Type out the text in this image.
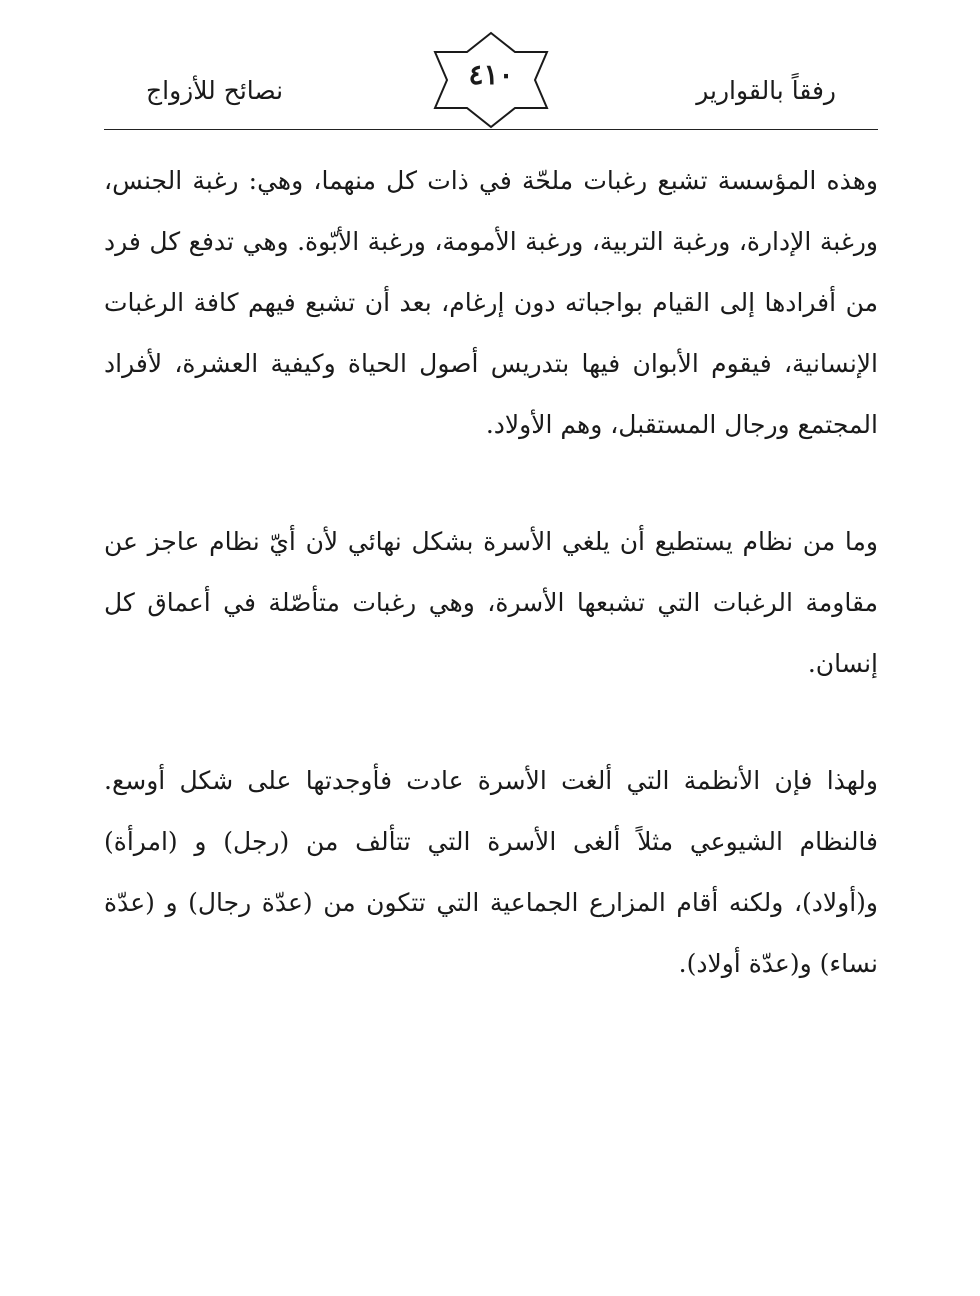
رفقاً بالقوارير
٤١٠
نصائح للأزواج

وهذه المؤسسة تشبع رغبات ملحّة في ذات كل منهما، وهي: رغبة الجنس، ورغبة الإدارة، ورغبة التربية، ورغبة الأمومة، ورغبة الأبّوة. وهي تدفع كل فرد من أفرادها إلى القيام بواجباته دون إرغام، بعد أن تشبع فيهم كافة الرغبات الإنسانية، فيقوم الأبوان فيها بتدريس أصول الحياة وكيفية العشرة، لأفراد المجتمع ورجال المستقبل، وهم الأولاد.

وما من نظام يستطيع أن يلغي الأسرة بشكل نهائي لأن أيّ نظام عاجز عن مقاومة الرغبات التي تشبعها الأسرة، وهي رغبات متأصّلة في أعماق كل إنسان.

ولهذا فإن الأنظمة التي ألغت الأسرة عادت فأوجدتها على شكل أوسع. فالنظام الشيوعي مثلاً ألغى الأسرة التي تتألف من (رجل) و (امرأة) و(أولاد)، ولكنه أقام المزارع الجماعية التي تتكون من (عدّة رجال) و (عدّة نساء) و(عدّة أولاد).
